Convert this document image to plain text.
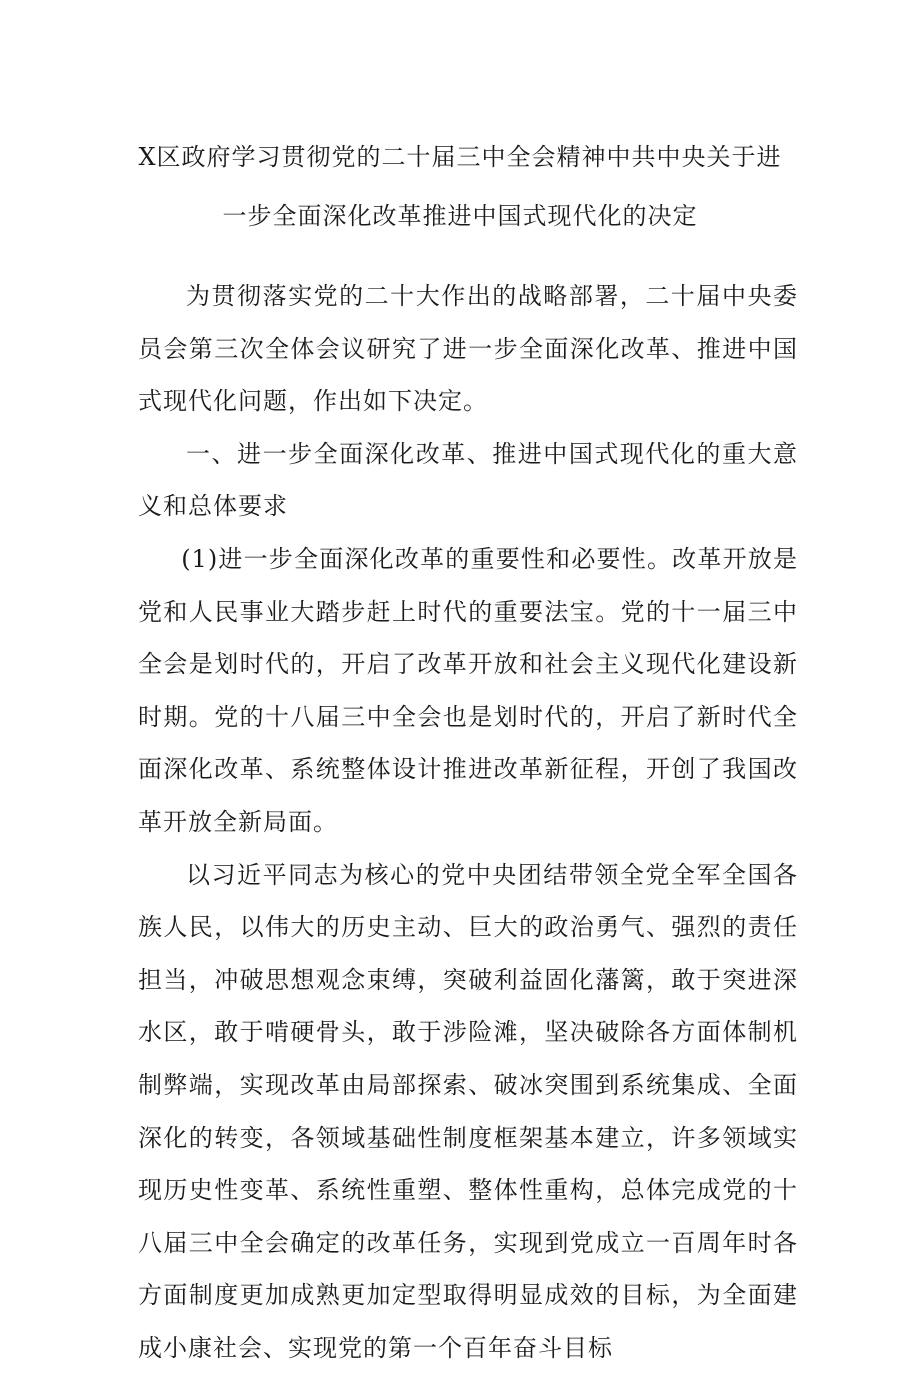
X区政府学习贯彻党的二十届三中全会精神中共中央关于进
一步全面深化改革推进中国式现代化的决定

为贯彻落实党的二十大作出的战略部署，二十届中央委员会第三次全体会议研究了进一步全面深化改革、推进中国式现代化问题，作出如下决定。

一、进一步全面深化改革、推进中国式现代化的重大意义和总体要求

(1)进一步全面深化改革的重要性和必要性。改革开放是党和人民事业大踏步赶上时代的重要法宝。党的十一届三中全会是划时代的，开启了改革开放和社会主义现代化建设新时期。党的十八届三中全会也是划时代的，开启了新时代全面深化改革、系统整体设计推进改革新征程，开创了我国改革开放全新局面。

以习近平同志为核心的党中央团结带领全党全军全国各族人民，以伟大的历史主动、巨大的政治勇气、强烈的责任担当，冲破思想观念束缚，突破利益固化藩篱，敢于突进深水区，敢于啃硬骨头，敢于涉险滩，坚决破除各方面体制机制弊端，实现改革由局部探索、破冰突围到系统集成、全面深化的转变，各领域基础性制度框架基本建立，许多领域实现历史性变革、系统性重塑、整体性重构，总体完成党的十八届三中全会确定的改革任务，实现到党成立一百周年时各方面制度更加成熟更加定型取得明显成效的目标，为全面建成小康社会、实现党的第一个百年奋斗目标
